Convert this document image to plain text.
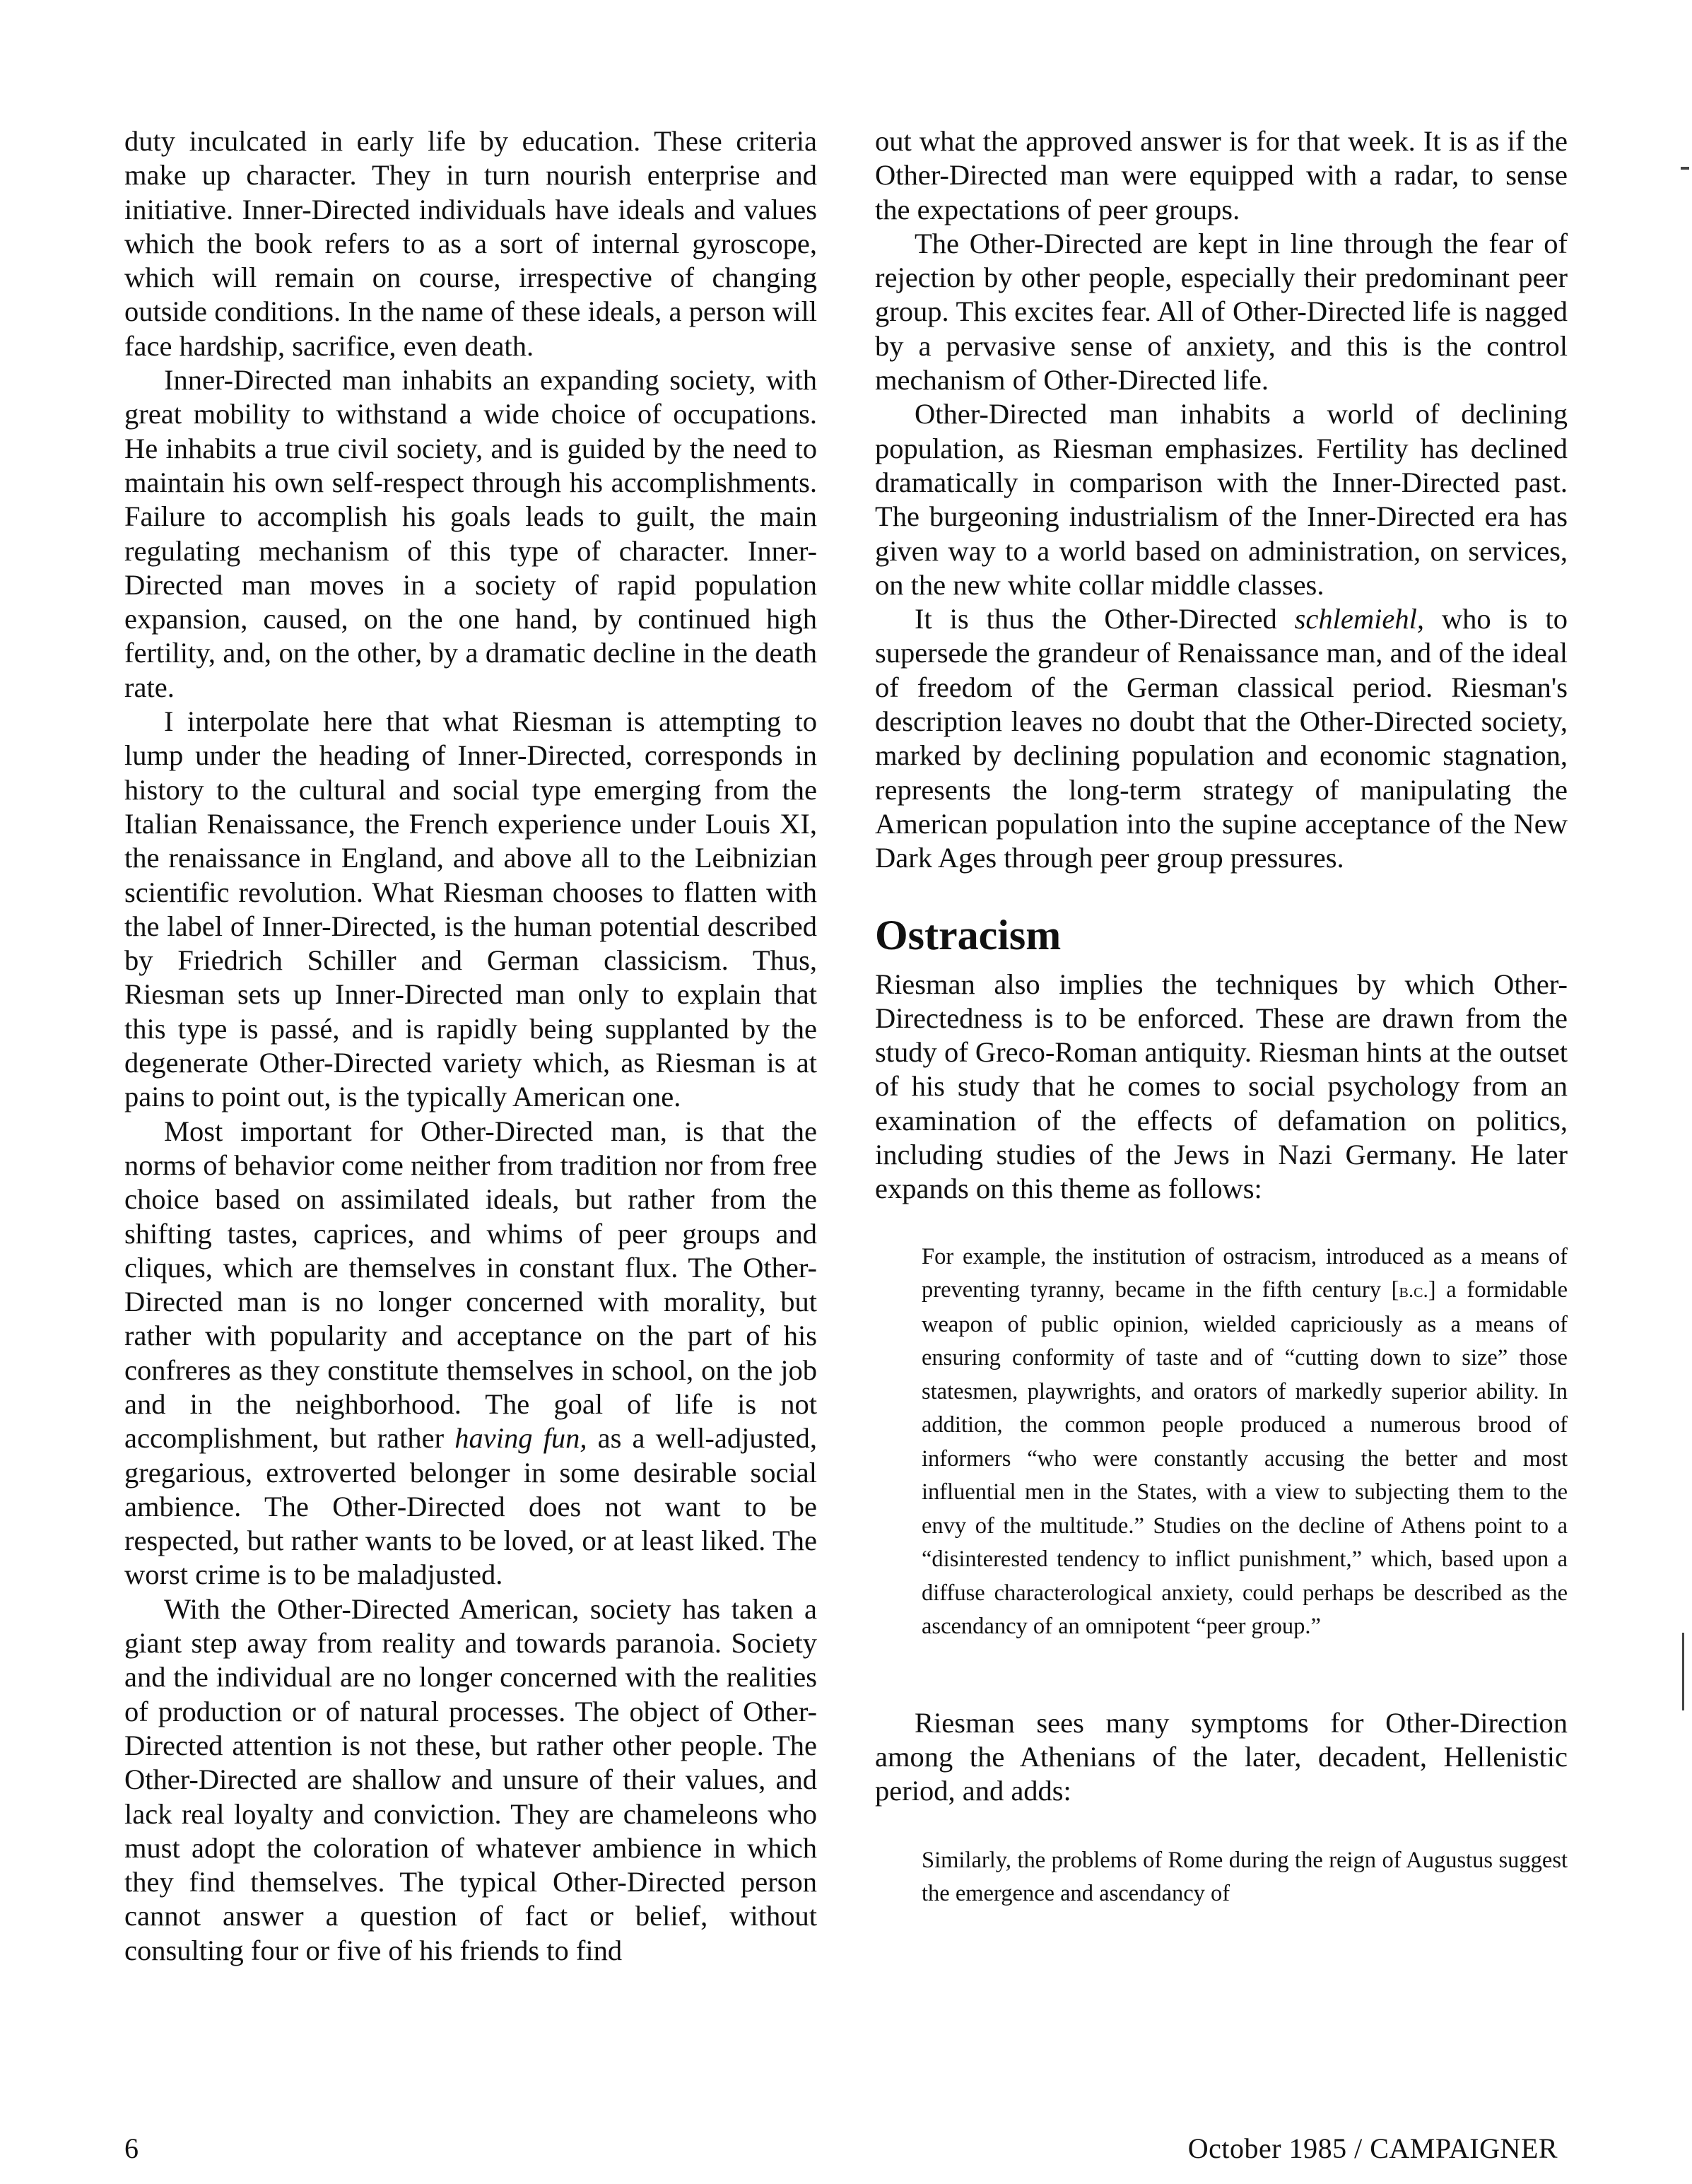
duty inculcated in early life by education. These criteria make up character. They in turn nourish enterprise and initiative. Inner-Directed individuals have ideals and values which the book refers to as a sort of internal gyroscope, which will remain on course, irrespective of changing outside conditions. In the name of these ideals, a person will face hardship, sacrifice, even death.

Inner-Directed man inhabits an expanding society, with great mobility to withstand a wide choice of occupations. He inhabits a true civil society, and is guided by the need to maintain his own self-respect through his accomplishments. Failure to accomplish his goals leads to guilt, the main regulating mechanism of this type of character. Inner-Directed man moves in a society of rapid population expansion, caused, on the one hand, by continued high fertility, and, on the other, by a dramatic decline in the death rate.

I interpolate here that what Riesman is attempting to lump under the heading of Inner-Directed, corresponds in history to the cultural and social type emerging from the Italian Renaissance, the French experience under Louis XI, the renaissance in England, and above all to the Leibnizian scientific revolution. What Riesman chooses to flatten with the label of Inner-Directed, is the human potential described by Friedrich Schiller and German classicism. Thus, Riesman sets up Inner-Directed man only to explain that this type is passé, and is rapidly being supplanted by the degenerate Other-Directed variety which, as Riesman is at pains to point out, is the typically American one.

Most important for Other-Directed man, is that the norms of behavior come neither from tradition nor from free choice based on assimilated ideals, but rather from the shifting tastes, caprices, and whims of peer groups and cliques, which are themselves in constant flux. The Other-Directed man is no longer concerned with morality, but rather with popularity and acceptance on the part of his confreres as they constitute themselves in school, on the job and in the neighborhood. The goal of life is not accomplishment, but rather having fun, as a well-adjusted, gregarious, extroverted belonger in some desirable social ambience. The Other-Directed does not want to be respected, but rather wants to be loved, or at least liked. The worst crime is to be maladjusted.

With the Other-Directed American, society has taken a giant step away from reality and towards paranoia. Society and the individual are no longer concerned with the realities of production or of natural processes. The object of Other-Directed attention is not these, but rather other people. The Other-Directed are shallow and unsure of their values, and lack real loyalty and conviction. They are chameleons who must adopt the coloration of whatever ambience in which they find themselves. The typical Other-Directed person cannot answer a question of fact or belief, without consulting four or five of his friends to find

out what the approved answer is for that week. It is as if the Other-Directed man were equipped with a radar, to sense the expectations of peer groups.

The Other-Directed are kept in line through the fear of rejection by other people, especially their predominant peer group. This excites fear. All of Other-Directed life is nagged by a pervasive sense of anxiety, and this is the control mechanism of Other-Directed life.

Other-Directed man inhabits a world of declining population, as Riesman emphasizes. Fertility has declined dramatically in comparison with the Inner-Directed past. The burgeoning industrialism of the Inner-Directed era has given way to a world based on administration, on services, on the new white collar middle classes.

It is thus the Other-Directed schlemiehl, who is to supersede the grandeur of Renaissance man, and of the ideal of freedom of the German classical period. Riesman's description leaves no doubt that the Other-Directed society, marked by declining population and economic stagnation, represents the long-term strategy of manipulating the American population into the supine acceptance of the New Dark Ages through peer group pressures.

Ostracism

Riesman also implies the techniques by which Other-Directedness is to be enforced. These are drawn from the study of Greco-Roman antiquity. Riesman hints at the outset of his study that he comes to social psychology from an examination of the effects of defamation on politics, including studies of the Jews in Nazi Germany. He later expands on this theme as follows:

For example, the institution of ostracism, introduced as a means of preventing tyranny, became in the fifth century [b.c.] a formidable weapon of public opinion, wielded capriciously as a means of ensuring conformity of taste and of “cutting down to size” those statesmen, playwrights, and orators of markedly superior ability. In addition, the common people produced a numerous brood of informers “who were constantly accusing the better and most influential men in the States, with a view to subjecting them to the envy of the multitude.” Studies on the decline of Athens point to a “disinterested tendency to inflict punishment,” which, based upon a diffuse characterological anxiety, could perhaps be described as the ascendancy of an omnipotent “peer group.”

Riesman sees many symptoms for Other-Direction among the Athenians of the later, decadent, Hellenistic period, and adds:

Similarly, the problems of Rome during the reign of Augustus suggest the emergence and ascendancy of

6	October 1985 / CAMPAIGNER
